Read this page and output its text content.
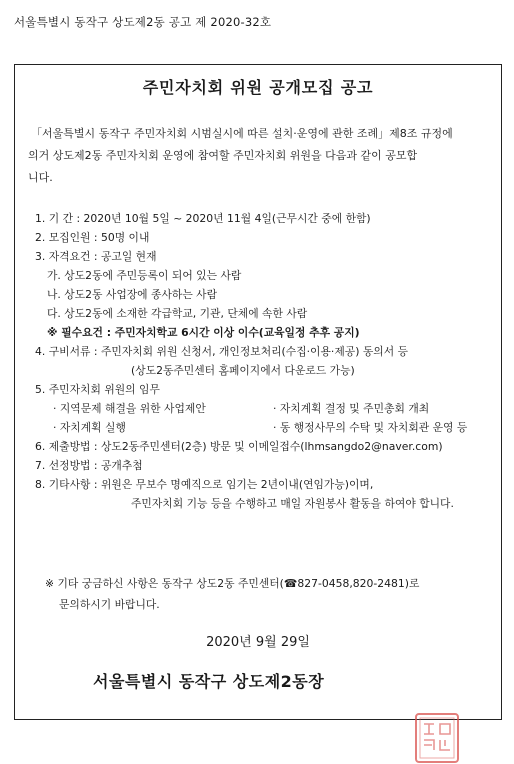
서울특별시 동작구 상도제2동 공고 제 2020-32호
주민자치회 위원 공개모집 공고

「서울특별시 동작구 주민자치회 시범실시에 따른 설치·운영에 관한 조례」제8조 규정에

의거 상도제2동 주민자치회 운영에 참여할 주민자치회 위원을 다음과 같이 공모합

니다.

1. 기 간 : 2020년 10월 5일 ~ 2020년 11월 4일(근무시간 중에 한함)
2. 모집인원 : 50명 이내
3. 자격요건 : 공고일 현재
가. 상도2동에 주민등록이 되어 있는 사람
나. 상도2동 사업장에 종사하는 사람
다. 상도2동에 소재한 각급학교, 기관, 단체에 속한 사람
※ 필수요건 : 주민자치학교 6시간 이상 이수(교육일정 추후 공지)
4. 구비서류 : 주민자치회 위원 신청서, 개인정보처리(수집·이용·제공) 동의서 등
(상도2동주민센터 홈페이지에서 다운로드 가능)
5. 주민자치회 위원의 임무
· 지역문제 해결을 위한 사업제안	· 자치계획 결정 및 주민총회 개최
· 자치계획 실행	· 동 행정사무의 수탁 및 자치회관 운영 등
6. 제출방법 : 상도2동주민센터(2층) 방문 및 이메일접수(lhmsangdo2@naver.com)
7. 선정방법 : 공개추첨
8. 기타사항 : 위원은 무보수 명예직으로 임기는 2년이내(연임가능)이며,
주민자치회 기능 등을 수행하고 매일 자원봉사 활동을 하여야 합니다.

※ 기타 궁금하신 사항은 동작구 상도2동 주민센터(☎827-0458,820-2481)로

문의하시기 바랍니다.

2020년 9월 29일
서울특별시 동작구 상도제2동장
